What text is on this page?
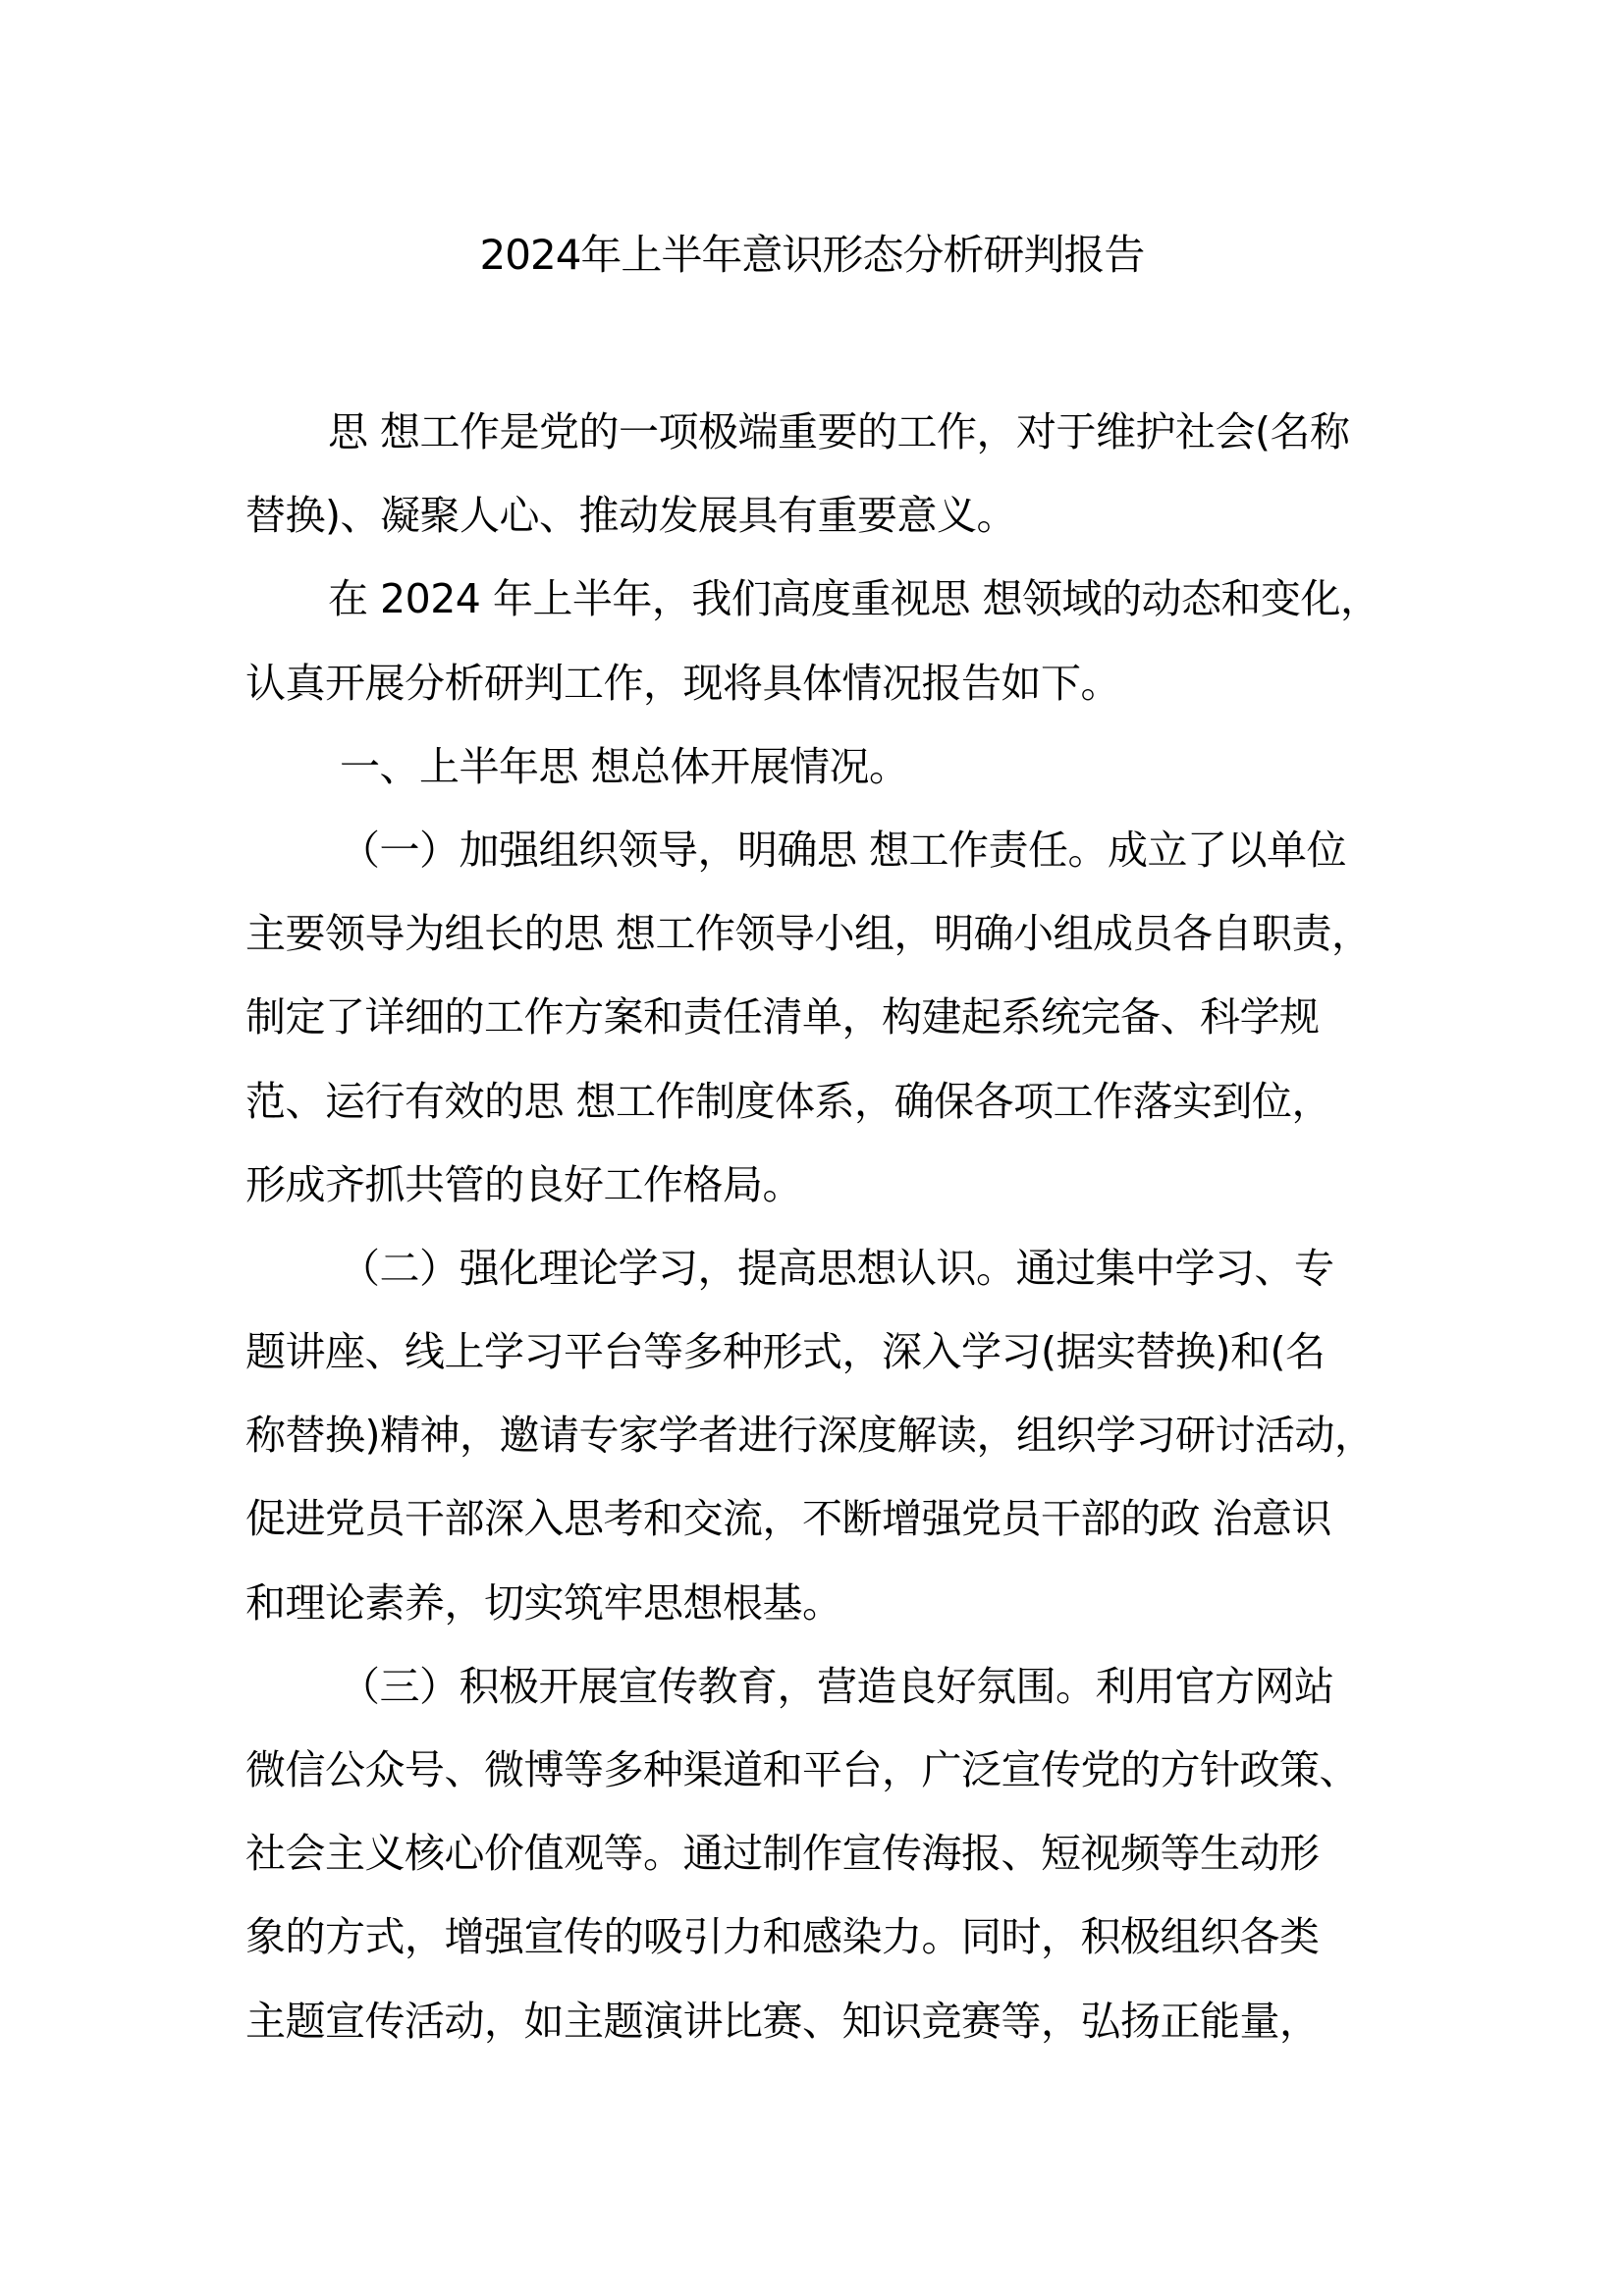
2024年上半年意识形态分析研判报告
思 想工作是党的一项极端重要的工作，对于维护社会(名称
替换)、凝聚人心、推动发展具有重要意义。
在 2024 年上半年，我们高度重视思 想领域的动态和变化，
认真开展分析研判工作，现将具体情况报告如下。
一、上半年思 想总体开展情况。
（一）加强组织领导，明确思 想工作责任。成立了以单位
主要领导为组长的思 想工作领导小组，明确小组成员各自职责，
制定了详细的工作方案和责任清单，构建起系统完备、科学规
范、运行有效的思 想工作制度体系，确保各项工作落实到位，
形成齐抓共管的良好工作格局。
（二）强化理论学习，提高思想认识。通过集中学习、专
题讲座、线上学习平台等多种形式，深入学习(据实替换)和(名
称替换)精神，邀请专家学者进行深度解读，组织学习研讨活动，
促进党员干部深入思考和交流，不断增强党员干部的政 治意识
和理论素养，切实筑牢思想根基。
（三）积极开展宣传教育，营造良好氛围。利用官方网站
微信公众号、微博等多种渠道和平台，广泛宣传党的方针政策、
社会主义核心价值观等。通过制作宣传海报、短视频等生动形
象的方式，增强宣传的吸引力和感染力。同时，积极组织各类
主题宣传活动，如主题演讲比赛、知识竞赛等，弘扬正能量，
